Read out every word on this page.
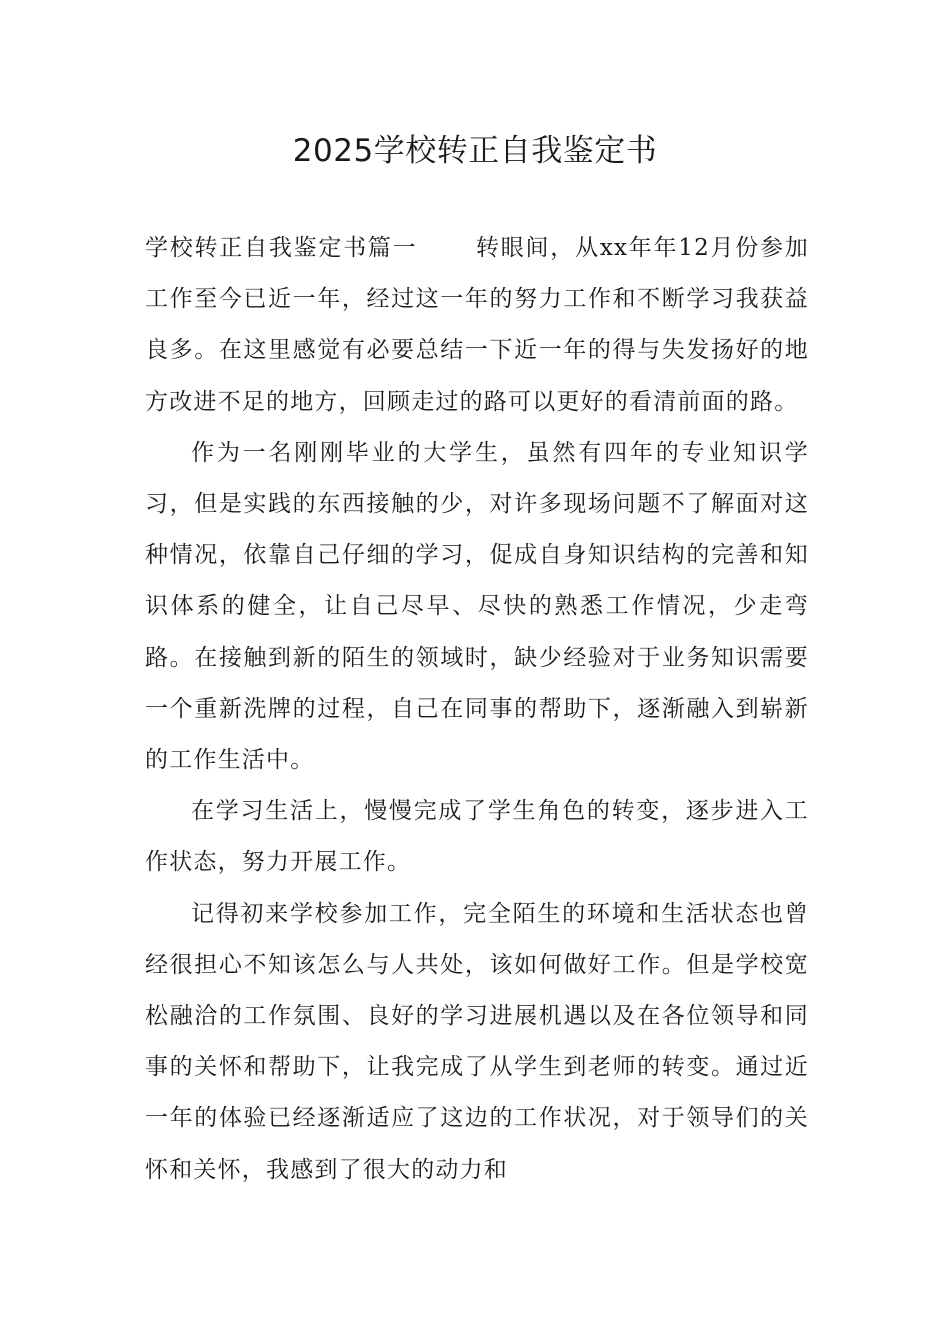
2025学校转正自我鉴定书

学校转正自我鉴定书篇一	转眼间，从xx年年12月份参加工作至今已近一年，经过这一年的努力工作和不断学习我获益良多。在这里感觉有必要总结一下近一年的得与失发扬好的地方改进不足的地方，回顾走过的路可以更好的看清前面的路。

作为一名刚刚毕业的大学生，虽然有四年的专业知识学习，但是实践的东西接触的少，对许多现场问题不了解面对这种情况，依靠自己仔细的学习，促成自身知识结构的完善和知识体系的健全，让自己尽早、尽快的熟悉工作情况，少走弯路。在接触到新的陌生的领域时，缺少经验对于业务知识需要一个重新洗牌的过程，自己在同事的帮助下，逐渐融入到崭新的工作生活中。

在学习生活上，慢慢完成了学生角色的转变，逐步进入工作状态，努力开展工作。

记得初来学校参加工作，完全陌生的环境和生活状态也曾经很担心不知该怎么与人共处，该如何做好工作。但是学校宽松融洽的工作氛围、良好的学习进展机遇以及在各位领导和同事的关怀和帮助下，让我完成了从学生到老师的转变。通过近一年的体验已经逐渐适应了这边的工作状况，对于领导们的关怀和关怀，我感到了很大的动力和
